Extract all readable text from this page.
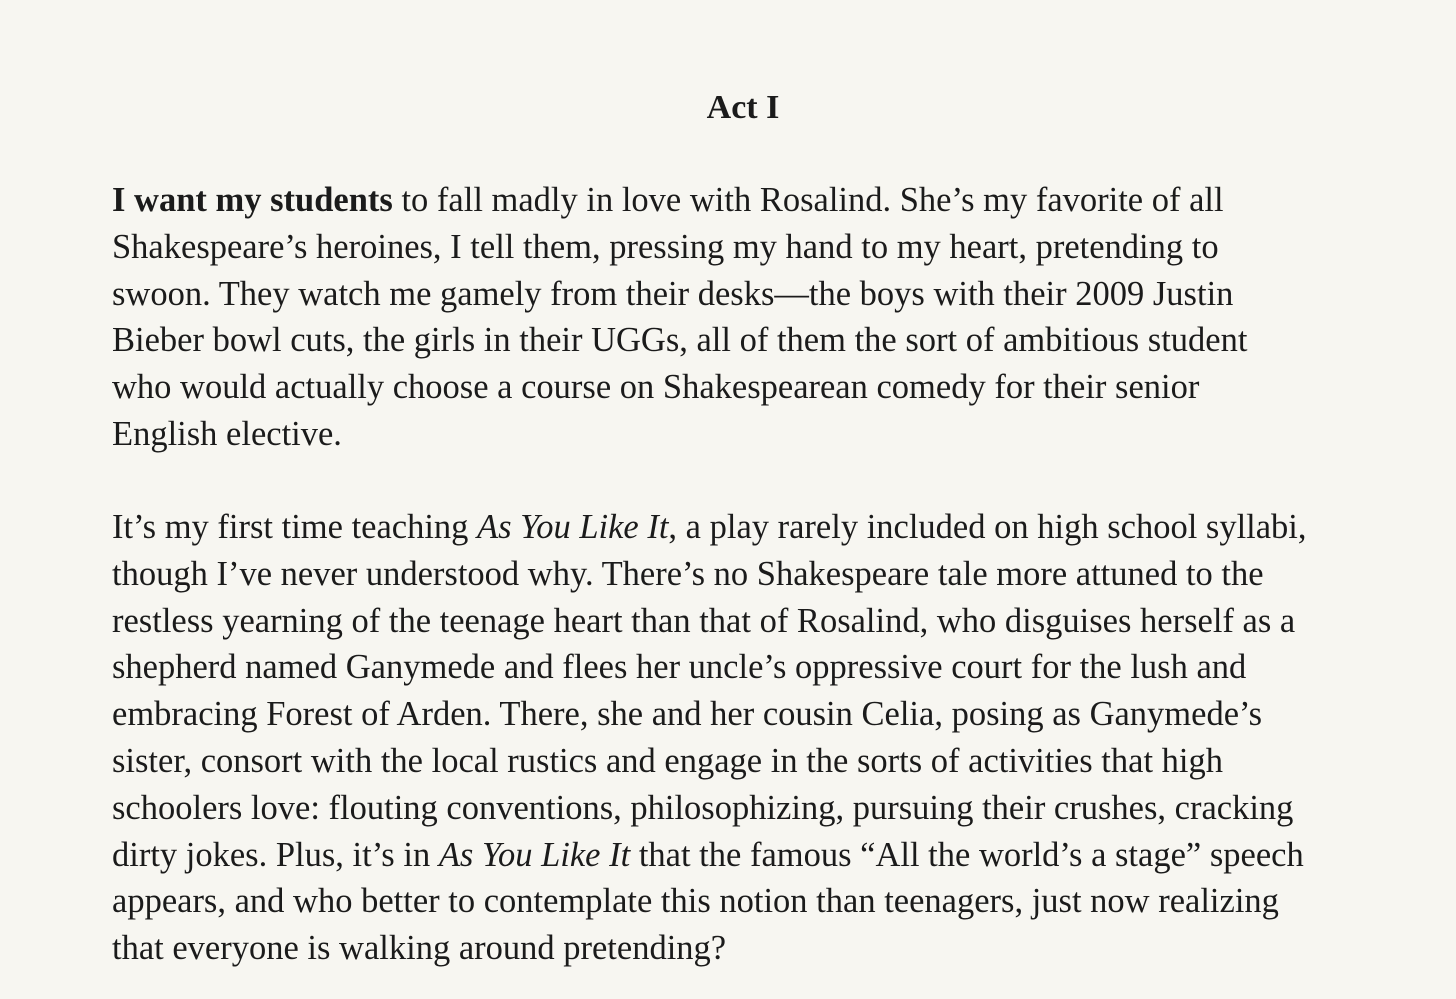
Act I

I want my students to fall madly in love with Rosalind. She’s my favorite of all
Shakespeare’s heroines, I tell them, pressing my hand to my heart, pretending to
swoon. They watch me gamely from their desks—the boys with their 2009 Justin
Bieber bowl cuts, the girls in their UGGs, all of them the sort of ambitious student
who would actually choose a course on Shakespearean comedy for their senior
English elective.

It’s my first time teaching As You Like It, a play rarely included on high school syllabi,
though I’ve never understood why. There’s no Shakespeare tale more attuned to the
restless yearning of the teenage heart than that of Rosalind, who disguises herself as a
shepherd named Ganymede and flees her uncle’s oppressive court for the lush and
embracing Forest of Arden. There, she and her cousin Celia, posing as Ganymede’s
sister, consort with the local rustics and engage in the sorts of activities that high
schoolers love: flouting conventions, philosophizing, pursuing their crushes, cracking
dirty jokes. Plus, it’s in As You Like It that the famous “All the world’s a stage” speech
appears, and who better to contemplate this notion than teenagers, just now realizing
that everyone is walking around pretending?
